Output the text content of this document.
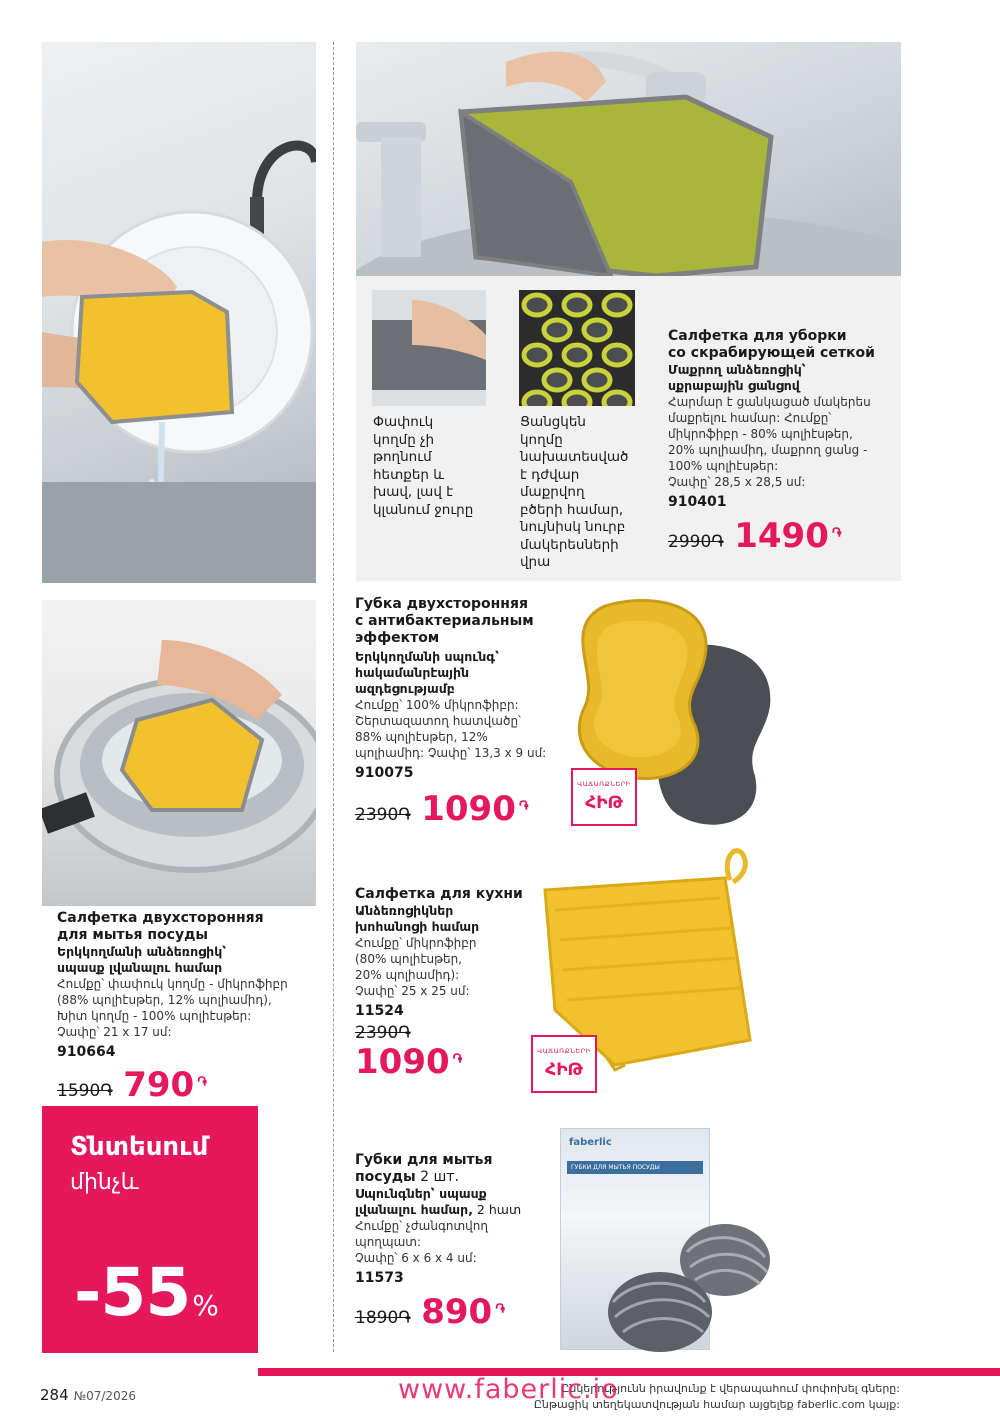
Փափուկ
կողմը չի
թողնում
հետքեր և
խավ, լավ է
կլանում ջուրը
Ցանցկեն
կողմը
նախատեսված
է դժվար
մաքրվող
բծերի համար,
նույնիսկ նուրբ
մակերեսների
վրա
Салфетка для уборки
со скрабирующей сеткой
Մաքրող անձեռոցիկ՝
սքրաբային ցանցով
Հարմար է ցանկացած մակերես
մաքրելու համար: Հումքը՝
միկրոֆիբր - 80% պոլիէսթեր,
20% պոլիամիդ, մաքրող ցանց -
100% պոլիէսթեր:
Չափը՝ 28,5 x 28,5 սմ:
910401
2990֏ 1490 ֏
Губка двухсторонняя
с антибактериальным
эффектом
Երկկողմանի սպունգ՝
հակամանրէային
ազդեցությամբ
Հումքը՝ 100% միկրոֆիբր:
Շերտազատող հատվածը՝
88% պոլիէսթեր, 12%
պոլիամիդ: Չափը՝ 13,3 x 9 սմ:
910075
2390֏ 1090 ֏
ՎԱՃԱՌՔՆԵՐԻ
ՀԻԹ
Салфетка для кухни
Անձեռոցիկներ
խոհանոցի համար
Հումքը՝ միկրոֆիբր
(80% պոլիէսթեր,
20% պոլիամիդ):
Չափը՝ 25 x 25 սմ:
11524
2390֏
1090 ֏
ՎԱՃԱՌՔՆԵՐԻ
ՀԻԹ
Губки для мытья
посуды 2 шт.
Սպունգներ՝ սպասք
լվանալու համար, 2 հատ
Հումքը՝ չժանգոտվող
պողպատ:
Չափը՝ 6 x 6 x 4 սմ:
11573
1890֏ 890 ֏
faberlic
ГУБКИ ДЛЯ МЫТЬЯ ПОСУДЫ
Салфетка двухсторонняя
для мытья посуды
Երկկողմանի անձեռոցիկ՝
սպասք լվանալու համար
Հումքը՝ փափուկ կողմը - միկրոֆիբր
(88% պոլիէսթեր, 12% պոլիամիդ),
Խիտ կողմը - 100% պոլիէսթեր:
Չափը՝ 21 x 17 սմ:
910664
1590֏ 790 ֏
Տնտեսում
մինչև
-55%
284 №07/2026
Ընկերությունն իրավունք է վերապահում փոփոխել գները:
Ընթացիկ տեղեկատվության համար այցելեք faberlic.com կայք:
www.faberlic.io
